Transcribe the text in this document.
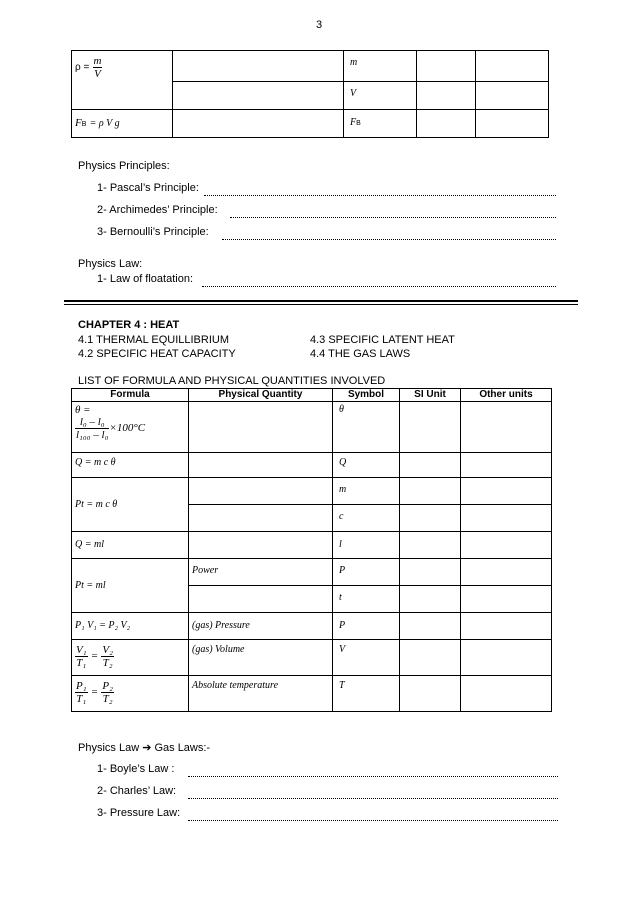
3
$\rho = \frac{m}{V}$		m		
		V		
FB = ρ V g		FB		
Physics Principles:
1- Pascal’s Principle:
2- Archimedes’ Principle:
3- Bernoulli’s Principle:
Physics Law:
1- Law of floatation:
CHAPTER 4 : HEAT
4.1 THERMAL EQUILLIBRIUM
4.2 SPECIFIC HEAT CAPACITY
4.3 SPECIFIC LATENT HEAT
4.4 THE GAS LAWS
LIST OF FORMULA AND PHYSICAL QUANTITIES INVOLVED
Formula	Physical Quantity	Symbol	SI Unit	Other units

θ =
$\frac{\text{l₀ – l₀}}{\text{l₁₀₀ – l₀}} \times 100^\circ C$		θ		
Q = m c θ		Q		
Pt = m c θ		m		
		c		
Q = ml		l		
Pt = ml	Power	P		
		t		
P₁ V₁ = P₂ V₂	(gas) Pressure	P		

$\frac{\text{V₁}}{\text{T₁}} = \frac{\text{V₂}}{\text{T₂}}$	(gas) Volume	V		

$\frac{\text{P₁}}{\text{T₁}} = \frac{\text{P₂}}{\text{T₂}}$	Absolute temperature	T		
Physics Law ➔ Gas Laws:-
1- Boyle’s Law :
2- Charles’ Law:
3- Pressure Law:
